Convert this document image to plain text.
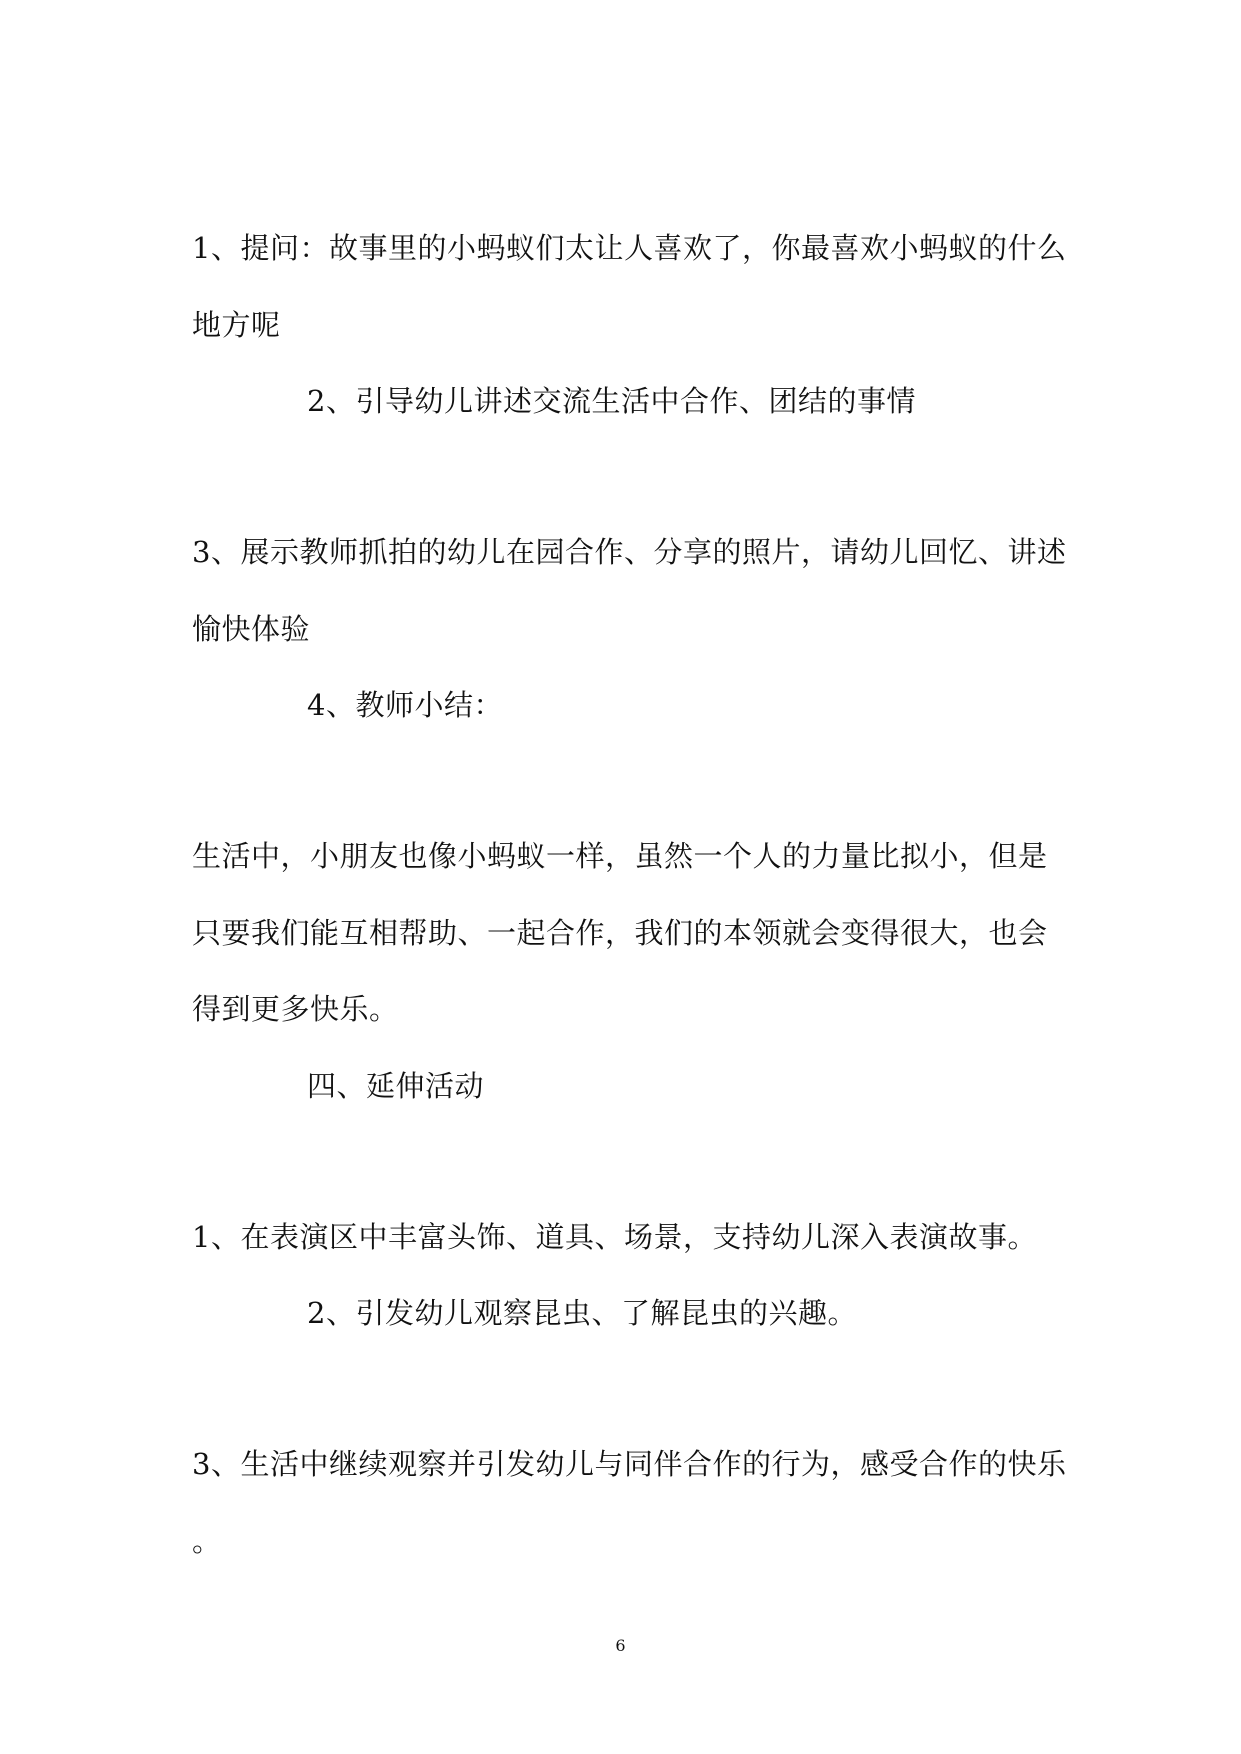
1、提问：故事里的小蚂蚁们太让人喜欢了，你最喜欢小蚂蚁的什么
地方呢
2、引导幼儿讲述交流生活中合作、团结的事情
3、展示教师抓拍的幼儿在园合作、分享的照片，请幼儿回忆、讲述
愉快体验
4、教师小结：
生活中，小朋友也像小蚂蚁一样，虽然一个人的力量比拟小，但是
只要我们能互相帮助、一起合作，我们的本领就会变得很大，也会
得到更多快乐。
四、延伸活动
1、在表演区中丰富头饰、道具、场景，支持幼儿深入表演故事。
2、引发幼儿观察昆虫、了解昆虫的兴趣。
3、生活中继续观察并引发幼儿与同伴合作的行为，感受合作的快乐
。
6
